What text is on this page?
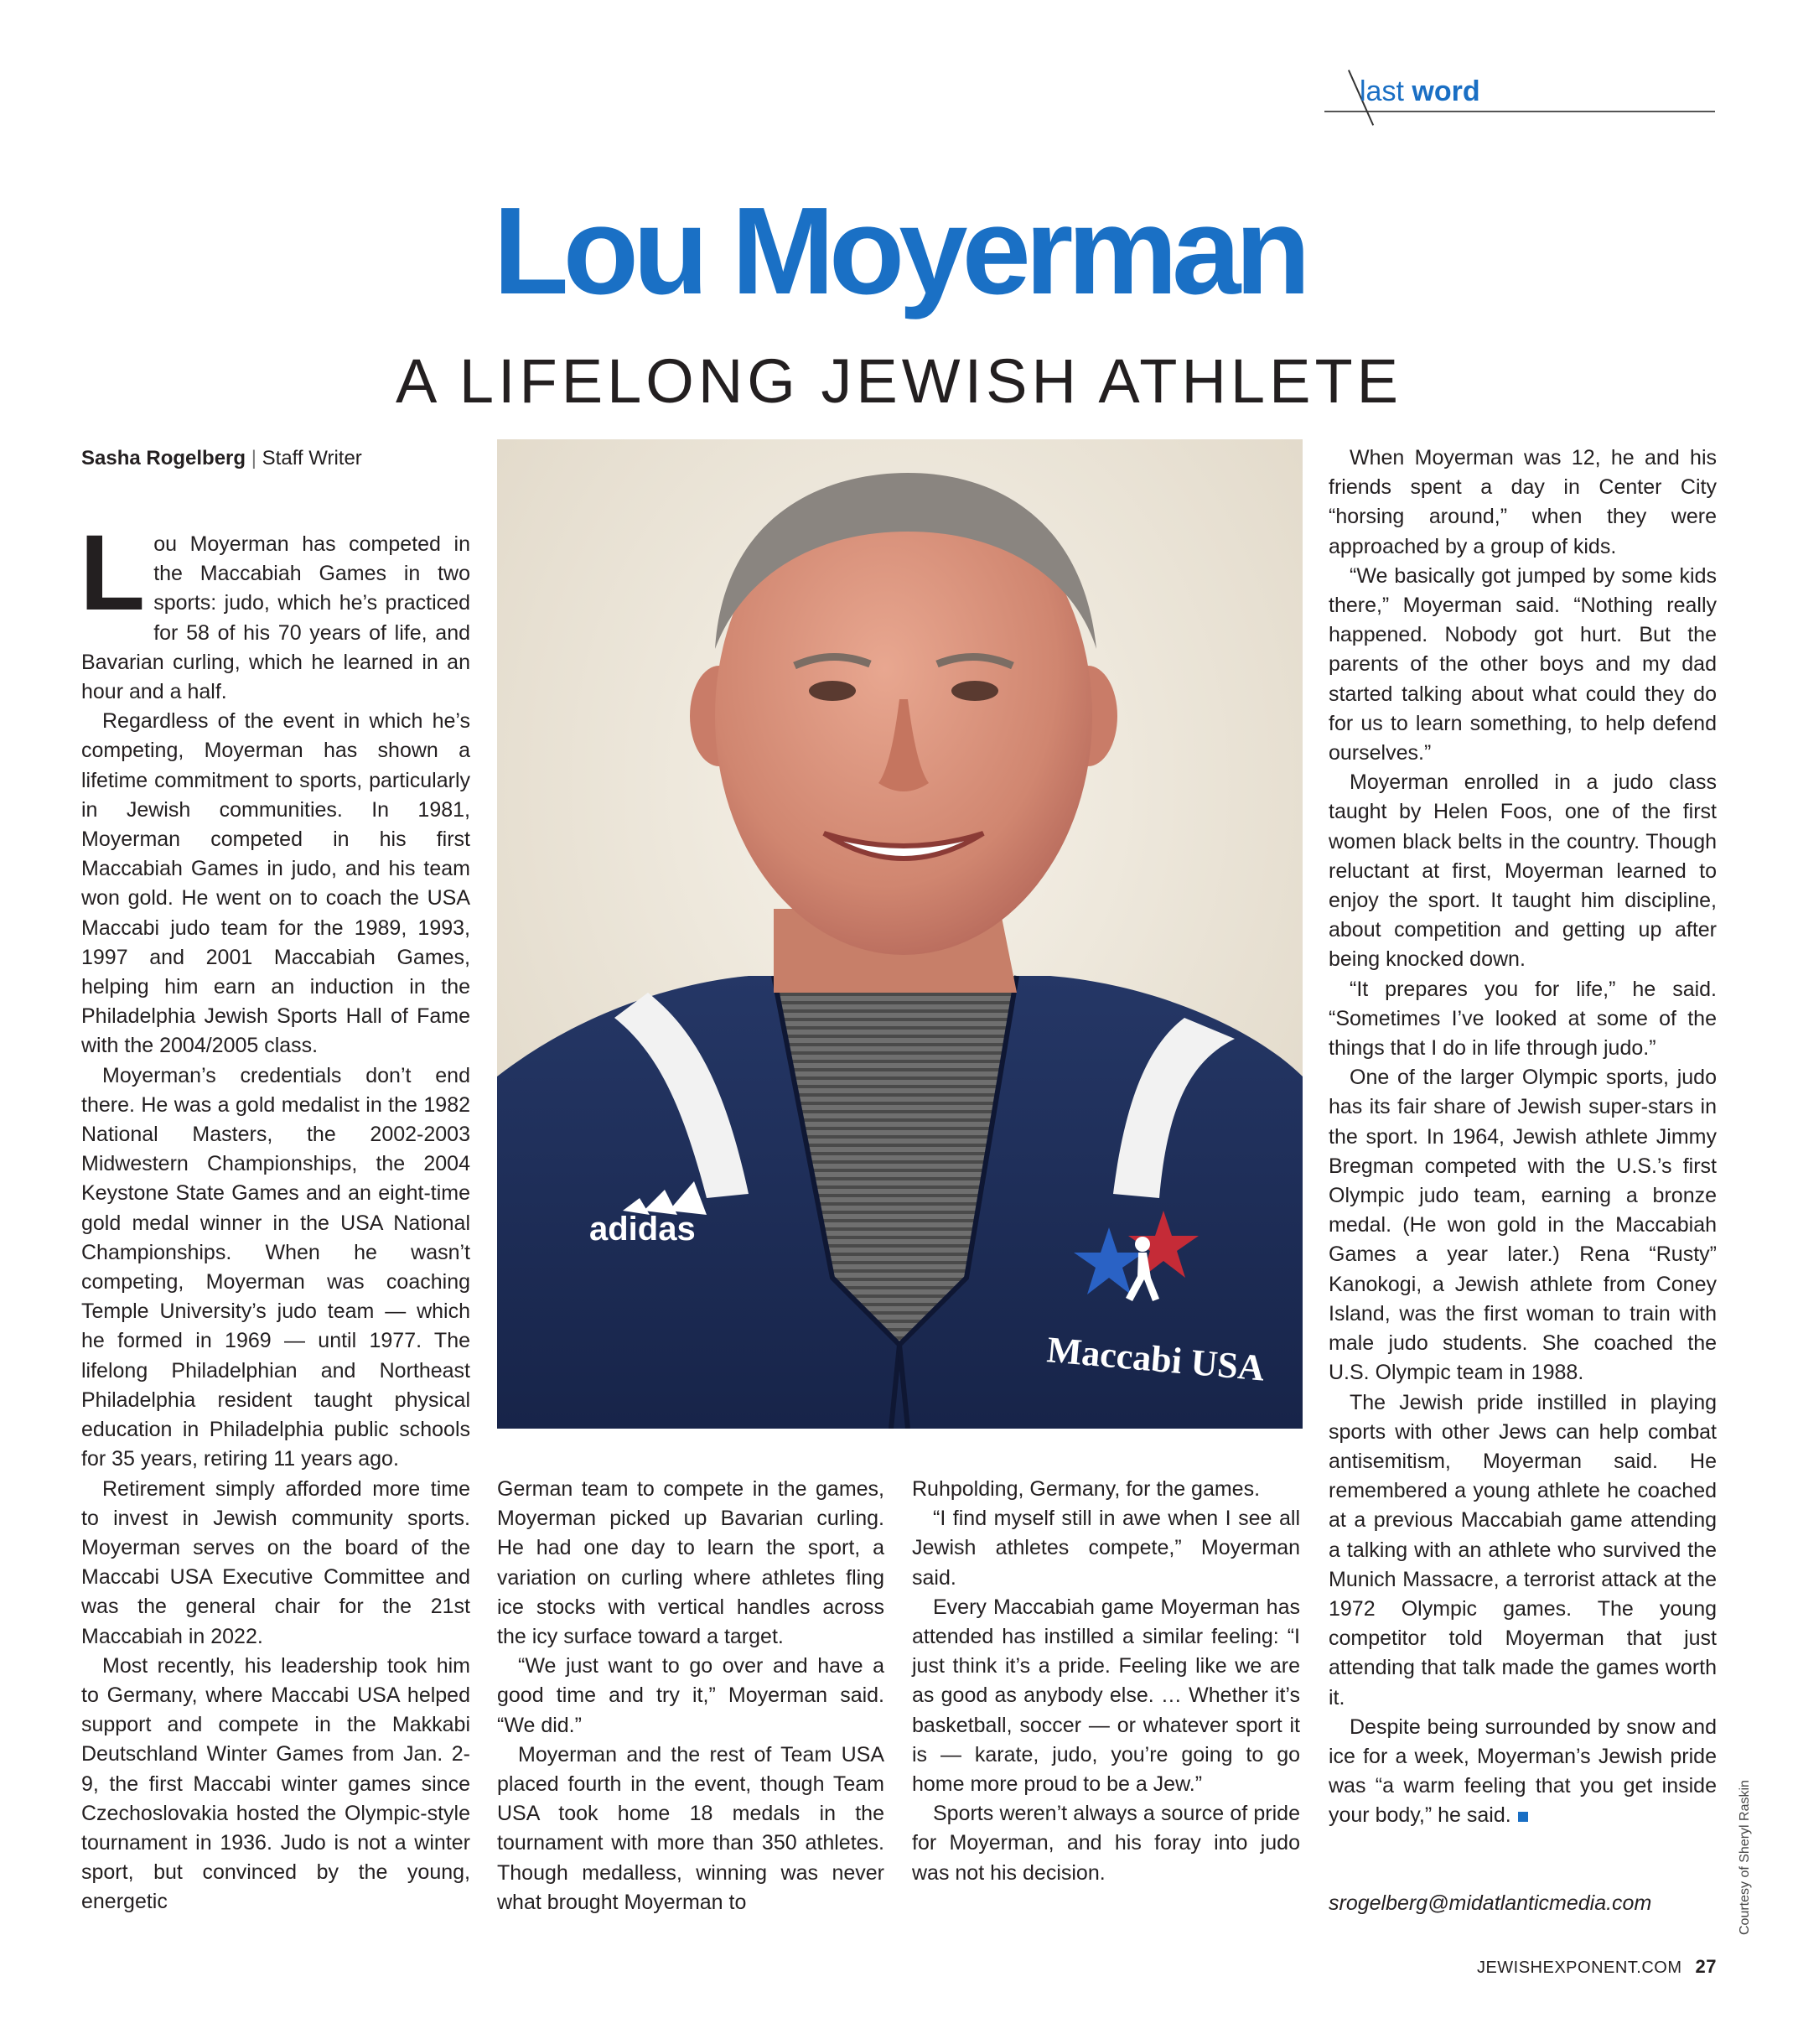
last word
Lou Moyerman
A LIFELONG JEWISH ATHLETE
Sasha Rogelberg | Staff Writer

Lou Moyerman has competed in the Maccabiah Games in two sports: judo, which he’s practiced for 58 of his 70 years of life, and Bavarian curling, which he learned in an hour and a half.

Regardless of the event in which he’s competing, Moyerman has shown a lifetime commitment to sports, particularly in Jewish communities. In 1981, Moyerman competed in his first Maccabiah Games in judo, and his team won gold. He went on to coach the USA Maccabi judo team for the 1989, 1993, 1997 and 2001 Maccabiah Games, helping him earn an induction in the Philadelphia Jewish Sports Hall of Fame with the 2004/2005 class.

Moyerman’s credentials don’t end there. He was a gold medalist in the 1982 National Masters, the 2002-2003 Midwestern Championships, the 2004 Keystone State Games and an eight-time gold medal winner in the USA National Championships. When he wasn’t competing, Moyerman was coaching Temple University’s judo team — which he formed in 1969 — until 1977. The lifelong Philadelphian and Northeast Philadelphia resident taught physical education in Philadelphia public schools for 35 years, retiring 11 years ago.

Retirement simply afforded more time to invest in Jewish community sports. Moyerman serves on the board of the Maccabi USA Executive Committee and was the general chair for the 21st Maccabiah in 2022.

Most recently, his leadership took him to Germany, where Maccabi USA helped support and compete in the Makkabi Deutschland Winter Games from Jan. 2-9, the first Maccabi winter games since Czechoslovakia hosted the Olympic-style tournament in 1936. Judo is not a winter sport, but convinced by the young, energetic

adidas
Maccabi USA

German team to compete in the games, Moyerman picked up Bavarian curling. He had one day to learn the sport, a variation on curling where athletes fling ice stocks with vertical handles across the icy surface toward a target.

“We just want to go over and have a good time and try it,” Moyerman said. “We did.”

Moyerman and the rest of Team USA placed fourth in the event, though Team USA took home 18 medals in the tournament with more than 350 athletes. Though medalless, winning was never what brought Moyerman to

Ruhpolding, Germany, for the games.

“I find myself still in awe when I see all Jewish athletes compete,” Moyerman said.

Every Maccabiah game Moyerman has attended has instilled a similar feeling: “I just think it’s a pride. Feeling like we are as good as anybody else. … Whether it’s basketball, soccer — or whatever sport it is — karate, judo, you’re going to go home more proud to be a Jew.”

Sports weren’t always a source of pride for Moyerman, and his foray into judo was not his decision.

When Moyerman was 12, he and his friends spent a day in Center City “horsing around,” when they were approached by a group of kids.

“We basically got jumped by some kids there,” Moyerman said. “Nothing really happened. Nobody got hurt. But the parents of the other boys and my dad started talking about what could they do for us to learn something, to help defend ourselves.”

Moyerman enrolled in a judo class taught by Helen Foos, one of the first women black belts in the country. Though reluctant at first, Moyerman learned to enjoy the sport. It taught him discipline, about competition and getting up after being knocked down.

“It prepares you for life,” he said. “Sometimes I’ve looked at some of the things that I do in life through judo.”

One of the larger Olympic sports, judo has its fair share of Jewish super-stars in the sport. In 1964, Jewish athlete Jimmy Bregman competed with the U.S.’s first Olympic judo team, earning a bronze medal. (He won gold in the Maccabiah Games a year later.) Rena “Rusty” Kanokogi, a Jewish athlete from Coney Island, was the first woman to train with male judo students. She coached the U.S. Olympic team in 1988.

The Jewish pride instilled in playing sports with other Jews can help combat antisemitism, Moyerman said. He remembered a young athlete he coached at a previous Maccabiah game attending a talking with an athlete who survived the Munich Massacre, a terrorist attack at the 1972 Olympic games. The young competitor told Moyerman that just attending that talk made the games worth it.

Despite being surrounded by snow and ice for a week, Moyerman’s Jewish pride was “a warm feeling that you get inside your body,” he said.

srogelberg@midatlanticmedia.com	Courtesy of Sheryl Raskin
JEWISHEXPONENT.COM 27
